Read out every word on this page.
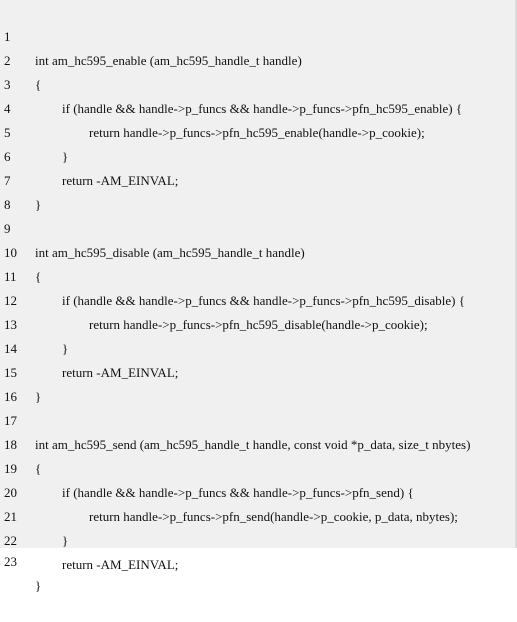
1

int am_hc595_enable (am_hc595_handle_t handle)

2

{

3

if (handle && handle->p_funcs && handle->p_funcs->pfn_hc595_enable) {

4

return handle->p_funcs->pfn_hc595_enable(handle->p_cookie);

5

}

6

return -AM_EINVAL;

7

}

8

9

int am_hc595_disable (am_hc595_handle_t handle)

10

{

11

if (handle && handle->p_funcs && handle->p_funcs->pfn_hc595_disable) {

12

return handle->p_funcs->pfn_hc595_disable(handle->p_cookie);

13

}

14

return -AM_EINVAL;

15

}

16

17

int am_hc595_send (am_hc595_handle_t handle, const void *p_data, size_t nbytes)

18

{

19

if (handle && handle->p_funcs && handle->p_funcs->pfn_send) {

20

return handle->p_funcs->pfn_send(handle->p_cookie, p_data, nbytes);

21

}

22

return -AM_EINVAL;

23

}
